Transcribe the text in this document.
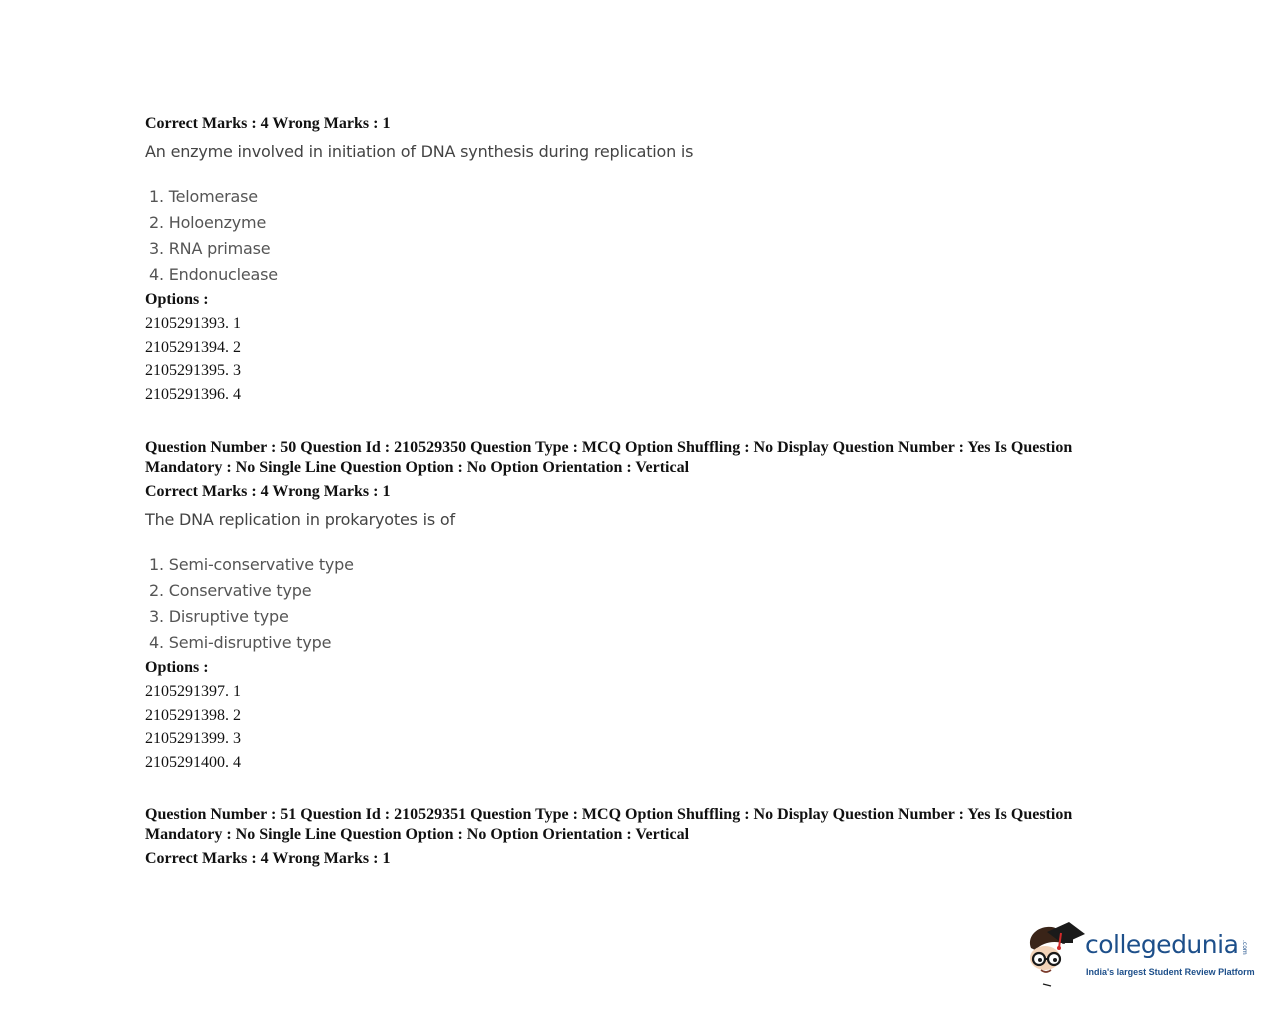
Correct Marks : 4 Wrong Marks : 1

An enzyme involved in initiation of DNA synthesis during replication is

1. Telomerase
2. Holoenzyme
3. RNA primase
4. Endonuclease

Options :

2105291393. 1
2105291394. 2
2105291395. 3
2105291396. 4

Question Number : 50 Question Id : 210529350 Question Type : MCQ Option Shuffling : No Display Question Number : Yes Is Question

Mandatory : No Single Line Question Option : No Option Orientation : Vertical

Correct Marks : 4 Wrong Marks : 1

The DNA replication in prokaryotes is of

1. Semi-conservative type
2. Conservative type
3. Disruptive type
4. Semi-disruptive type

Options :

2105291397. 1
2105291398. 2
2105291399. 3
2105291400. 4

Question Number : 51 Question Id : 210529351 Question Type : MCQ Option Shuffling : No Display Question Number : Yes Is Question

Mandatory : No Single Line Question Option : No Option Orientation : Vertical

Correct Marks : 4 Wrong Marks : 1

collegedunia .com
India's largest Student Review Platform
